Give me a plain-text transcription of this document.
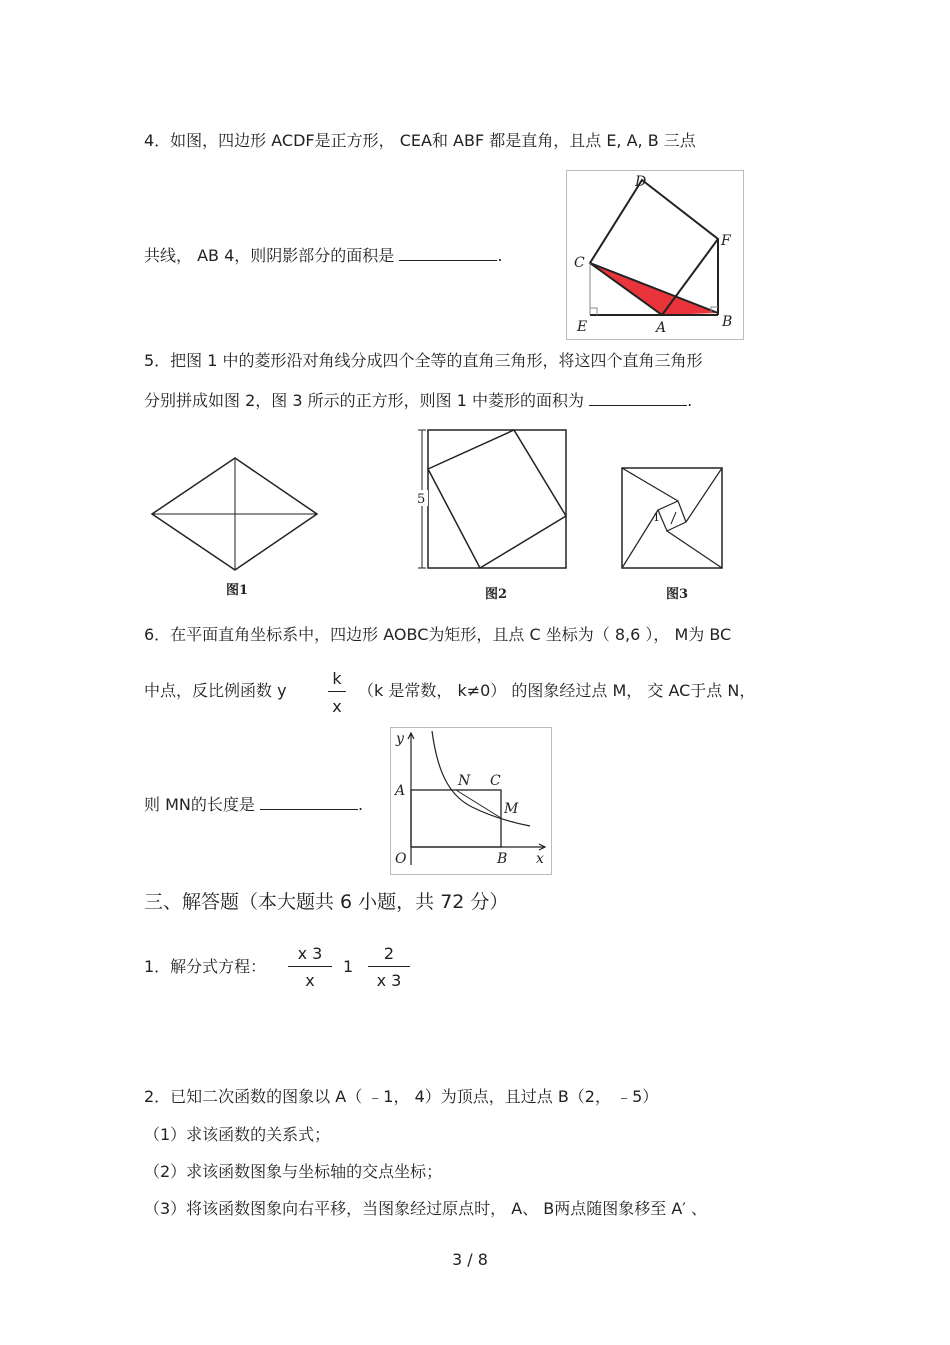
4．如图，四边形 ACDF是正方形， CEA和 ABF 都是直角，且点 E, A, B 三点
共线， AB 4，则阴影部分的面积是	.
D
F
C
E	A	B
5．把图 1 中的菱形沿对角线分成四个全等的直角三角形，将这四个直角三角形
分别拼成如图 2，图 3 所示的正方形，则图 1 中菱形的面积为	.
图1
5
图2
1
图3
6．在平面直角坐标系中，四边形 AOBC为矩形，且点 C 坐标为（ 8,6 ）， M为 BC
中点，反比例函数 y
k
x
（k 是常数， k≠0） 的图象经过点 M， 交 AC于点 N，
则 MN的长度是	.
y
x
O
A
B
C
N
M
三、解答题（本大题共 6 小题，共 72 分）
1．解分式方程：
x 3
x
1
2
x 3
2．已知二次函数的图象以 A（ ﹣1， 4）为顶点，且过点 B（2， ﹣5）
（1）求该函数的关系式；
（2）求该函数图象与坐标轴的交点坐标；
（3）将该函数图象向右平移，当图象经过原点时， A、 B两点随图象移至 A′ 、
3 / 8
